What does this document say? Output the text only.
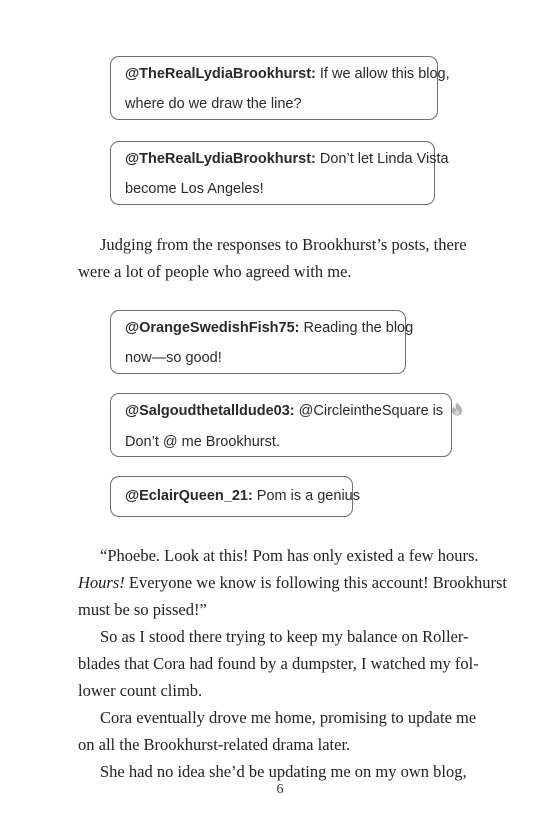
@TheRealLydiaBrookhurst: If we allow this blog,
where do we draw the line?
@TheRealLydiaBrookhurst: Don’t let Linda Vista
become Los Angeles!
Judging from the responses to Brookhurst’s posts, there
were a lot of people who agreed with me.
@OrangeSwedishFish75: Reading the blog
now—so good!
@Salgoudthetalldude03: @CircleintheSquare is
Don’t @ me Brookhurst.
@EclairQueen_21: Pom is a genius
“Phoebe. Look at this! Pom has only existed a few hours.
Hours! Everyone we know is following this account! Brookhurst
must be so pissed!”
So as I stood there trying to keep my balance on Roller-
blades that Cora had found by a dumpster, I watched my fol-
lower count climb.
Cora eventually drove me home, promising to update me
on all the Brookhurst-related drama later.
She had no idea she’d be updating me on my own blog,
6
